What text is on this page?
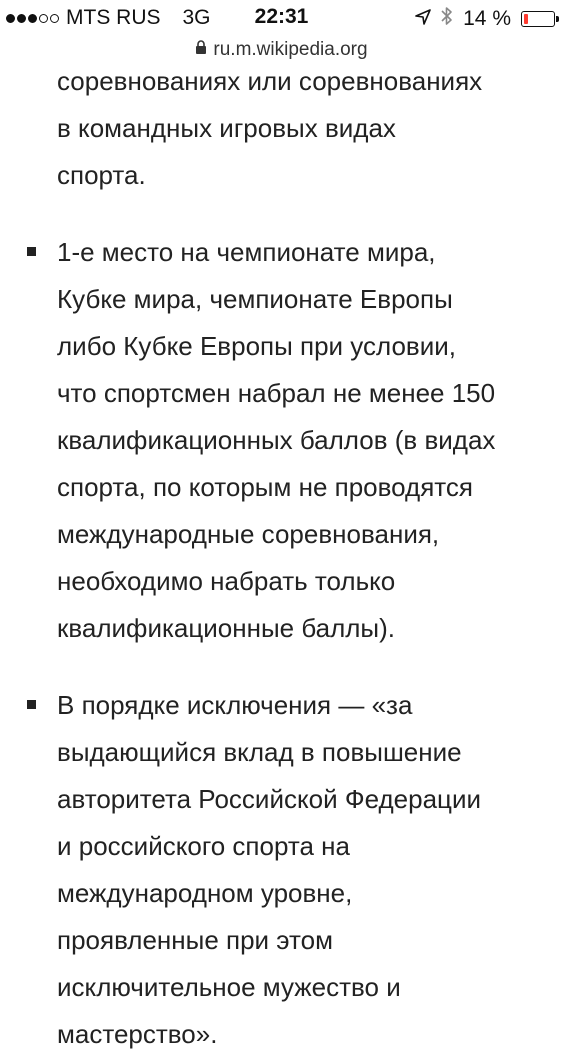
MTS RUS 3G	22:31	14 %
ru.m.wikipedia.org
соревнованиях или соревнованиях
в командных игровых видах
спорта.
1-е место на чемпионате мира,
Кубке мира, чемпионате Европы
либо Кубке Европы при условии,
что спортсмен набрал не менее 150
квалификационных баллов (в видах
спорта, по которым не проводятся
международные соревнования,
необходимо набрать только
квалификационные баллы).
В порядке исключения — «за
выдающийся вклад в повышение
авторитета Российской Федерации
и российского спорта на
международном уровне,
проявленные при этом
исключительное мужество и
мастерство».
